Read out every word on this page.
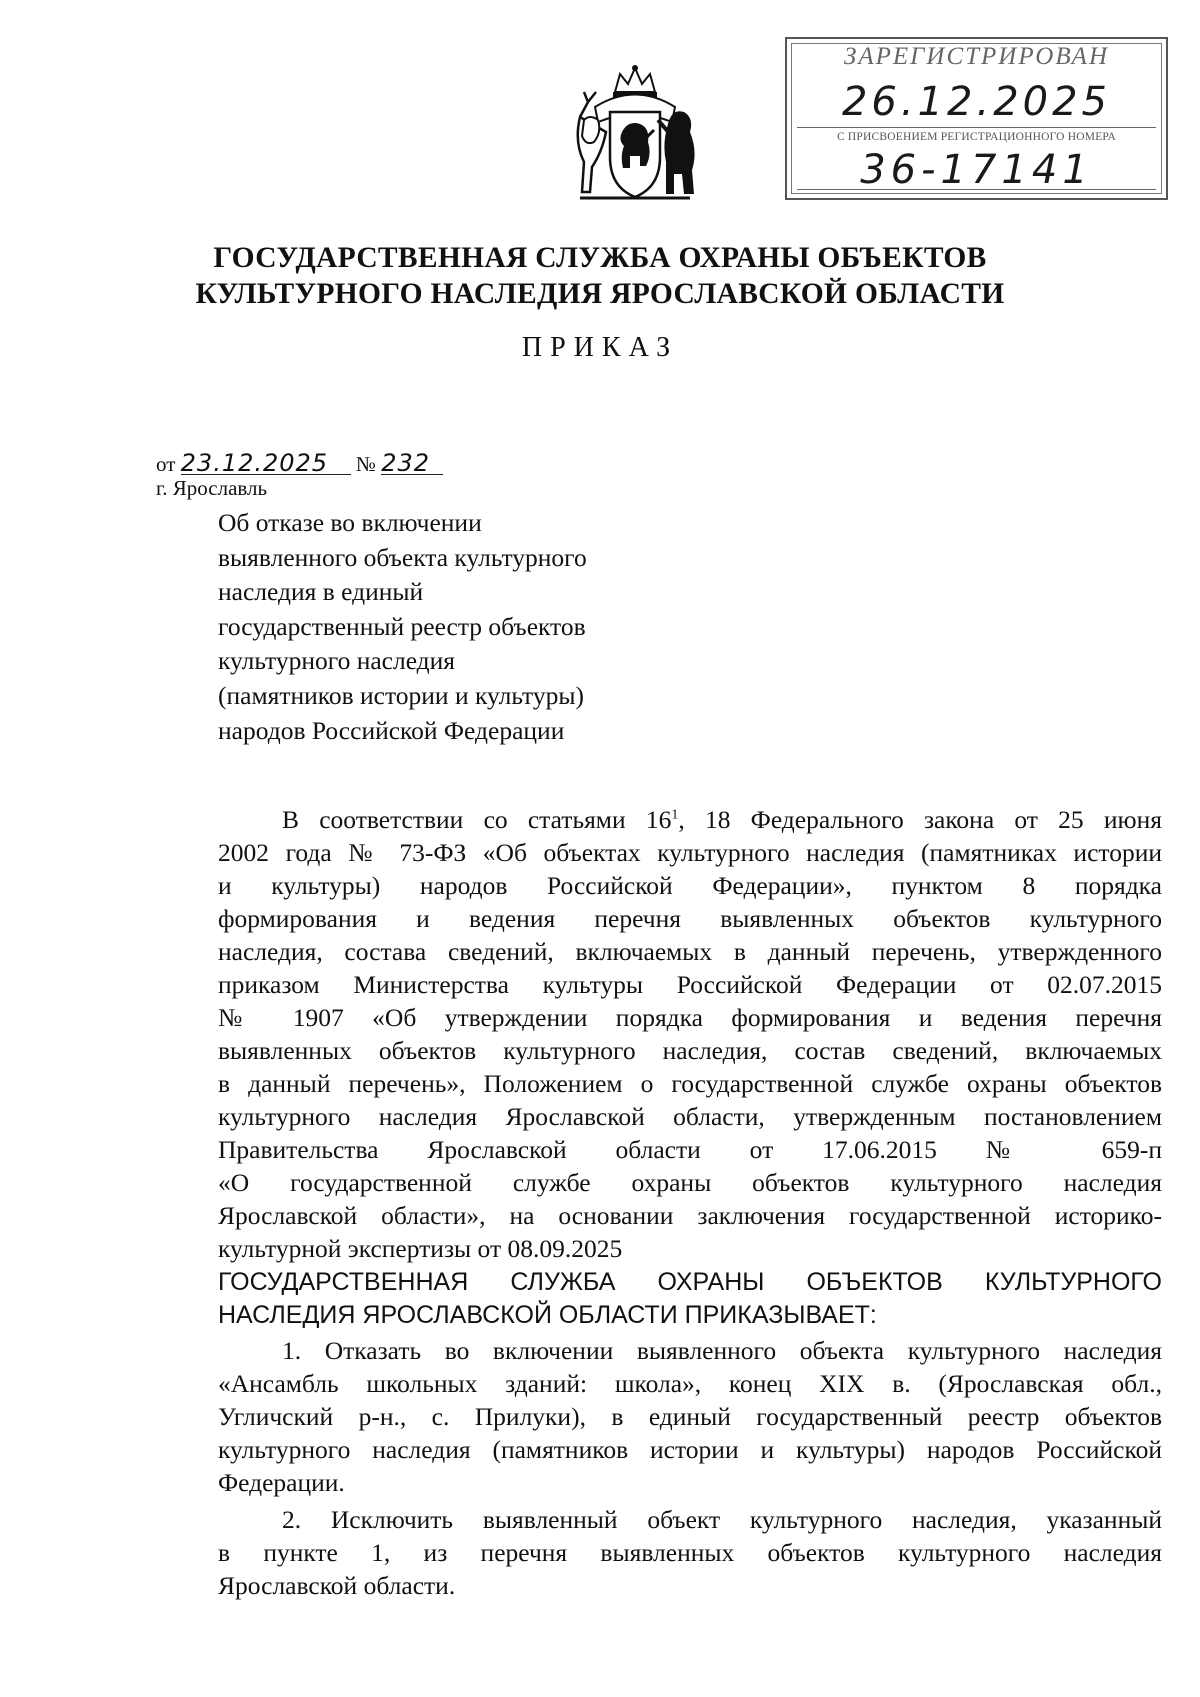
ЗАРЕГИСТРИРОВАН
26.12.2025
С ПРИСВОЕНИЕМ РЕГИСТРАЦИОННОГО НОМЕРА
36-17141
ГОСУДАРСТВЕННАЯ СЛУЖБА ОХРАНЫ ОБЪЕКТОВ
КУЛЬТУРНОГО НАСЛЕДИЯ ЯРОСЛАВСКОЙ ОБЛАСТИ
ПРИКАЗ
от 23.12.2025 № 232
г. Ярославль
Об отказе во включении
выявленного объекта культурного
наследия в единый
государственный реестр объектов
культурного наследия
(памятников истории и культуры)
народов Российской Федерации
В соответствии со статьями $16^1$, 18 Федерального закона от 25 июня
2002 года № 73-ФЗ «Об объектах культурного наследия (памятниках истории
и культуры) народов Российской Федерации», пунктом 8 порядка
формирования и ведения перечня выявленных объектов культурного
наследия, состава сведений, включаемых в данный перечень, утвержденного
приказом Министерства культуры Российской Федерации от 02.07.2015
№ 1907 «Об утверждении порядка формирования и ведения перечня
выявленных объектов культурного наследия, состав сведений, включаемых
в данный перечень», Положением о государственной службе охраны объектов
культурного наследия Ярославской области, утвержденным постановлением
Правительства Ярославской области от 17.06.2015 № 659-п
«О государственной службе охраны объектов культурного наследия
Ярославской области», на основании заключения государственной историко-
культурной экспертизы от 08.09.2025
ГОСУДАРСТВЕННАЯ СЛУЖБА ОХРАНЫ ОБЪЕКТОВ КУЛЬТУРНОГО
НАСЛЕДИЯ ЯРОСЛАВСКОЙ ОБЛАСТИ ПРИКАЗЫВАЕТ:
1. Отказать во включении выявленного объекта культурного наследия
«Ансамбль школьных зданий: школа», конец XIX в. (Ярославская обл.,
Угличский р-н., с. Прилуки), в единый государственный реестр объектов
культурного наследия (памятников истории и культуры) народов Российской
Федерации.
2. Исключить выявленный объект культурного наследия, указанный
в пункте 1, из перечня выявленных объектов культурного наследия
Ярославской области.
